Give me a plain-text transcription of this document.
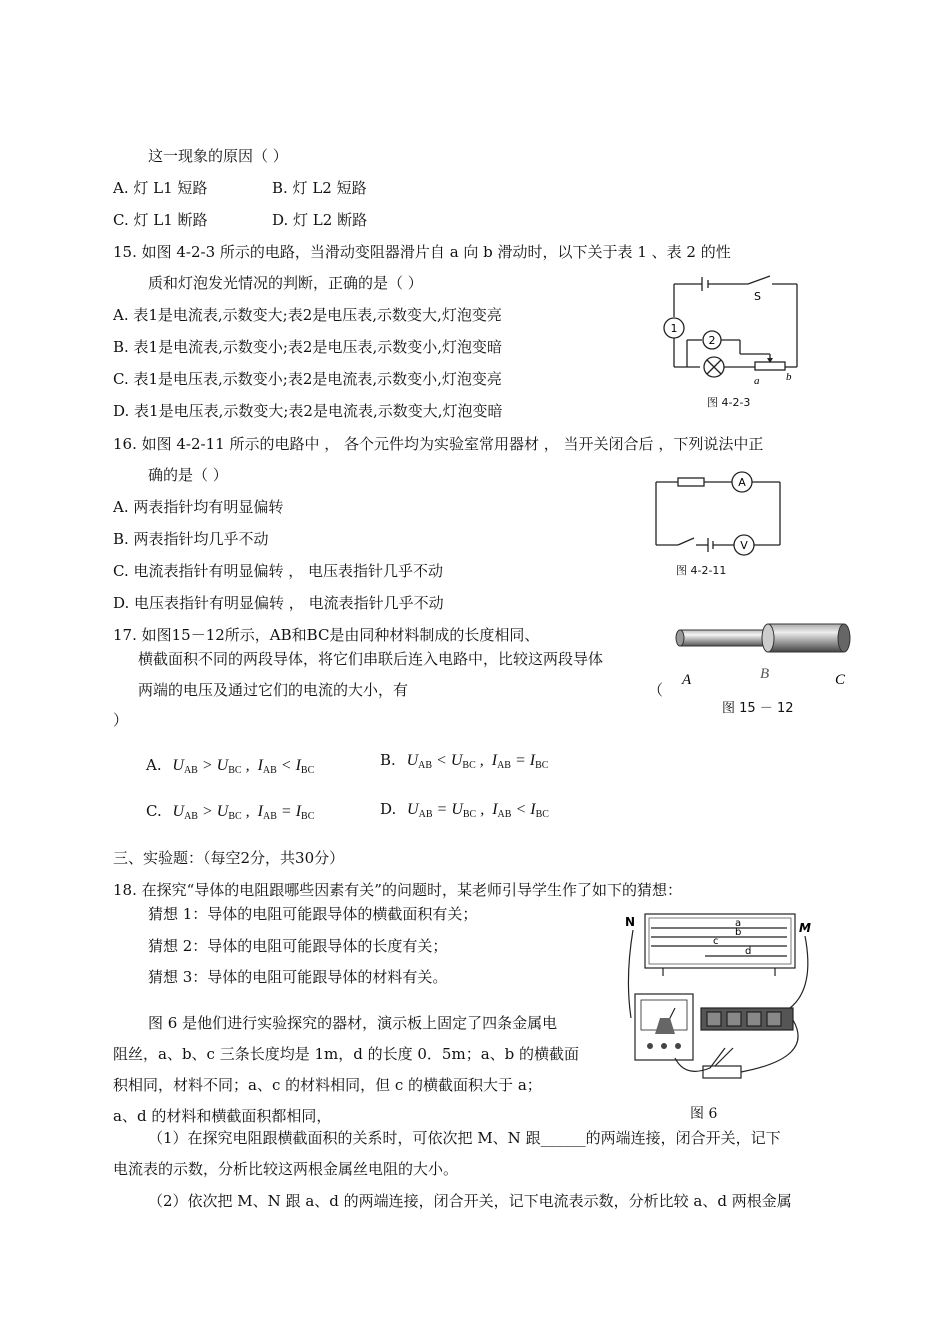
这一现象的原因（ ）
A. 灯 L1 短路	B. 灯 L2 短路
C. 灯 L1 断路	D. 灯 L2 断路
15. 如图 4-2-3 所示的电路，当滑动变阻器滑片自 a 向 b 滑动时，以下关于表 1 、表 2 的性
质和灯泡发光情况的判断，正确的是（ ）
A. 表1是电流表,示数变大;表2是电压表,示数变大,灯泡变亮
B. 表1是电流表,示数变小;表2是电压表,示数变小,灯泡变暗
C. 表1是电压表,示数变小;表2是电流表,示数变小,灯泡变亮
D. 表1是电压表,示数变大;表2是电流表,示数变大,灯泡变暗
1
2
S
a b
图 4-2-3
16. 如图 4-2-11 所示的电路中 ， 各个元件均为实验室常用器材 ， 当开关闭合后 ，下列说法中正
确的是（ ）
A. 两表指针均有明显偏转
B. 两表指针均几乎不动
C. 电流表指针有明显偏转 ， 电压表指针几乎不动
D. 电压表指针有明显偏转 ， 电流表指针几乎不动
A
V
图 4-2-11
17. 如图15－12所示，AB和BC是由同种材料制成的长度相同、
横截面积不同的两段导体，将它们串联后连入电路中，比较这两段导体
两端的电压及通过它们的电流的大小，有	（
）
A	B	C
图 15 － 12
A. $U_{AB} > U_{BC}$ ,  $I_{AB} < I_{BC}$
B. $U_{AB} < U_{BC}$ ,  $I_{AB} = I_{BC}$
C. $U_{AB} > U_{BC}$ ,  $I_{AB} = I_{BC}$	D. $U_{AB} = U_{BC}$ ,  $I_{AB} < I_{BC}$
三、实验题：（每空2分，共30分）
18. 在探究“导体的电阻跟哪些因素有关”的问题时，某老师引导学生作了如下的猜想：
猜想 1：导体的电阻可能跟导体的横截面积有关；
猜想 2：导体的电阻可能跟导体的长度有关；
猜想 3：导体的电阻可能跟导体的材料有关。
图 6 是他们进行实验探究的器材，演示板上固定了四条金属电
阻丝，a、b、c 三条长度均是 1m，d 的长度 0．5m；a、b 的横截面
积相同，材料不同；a、c 的材料相同，但 c 的横截面积大于 a；
a、d 的材料和横截面积都相同，
（1）在探究电阻跟横截面积的关系时，可依次把 M、N 跟______的两端连接，闭合开关，记下
电流表的示数，分析比较这两根金属丝电阻的大小。
（2）依次把 M、N 跟 a、d 的两端连接，闭合开关，记下电流表示数，分析比较 a、d 两根金属
N	M
a
b
c
d
图 6
